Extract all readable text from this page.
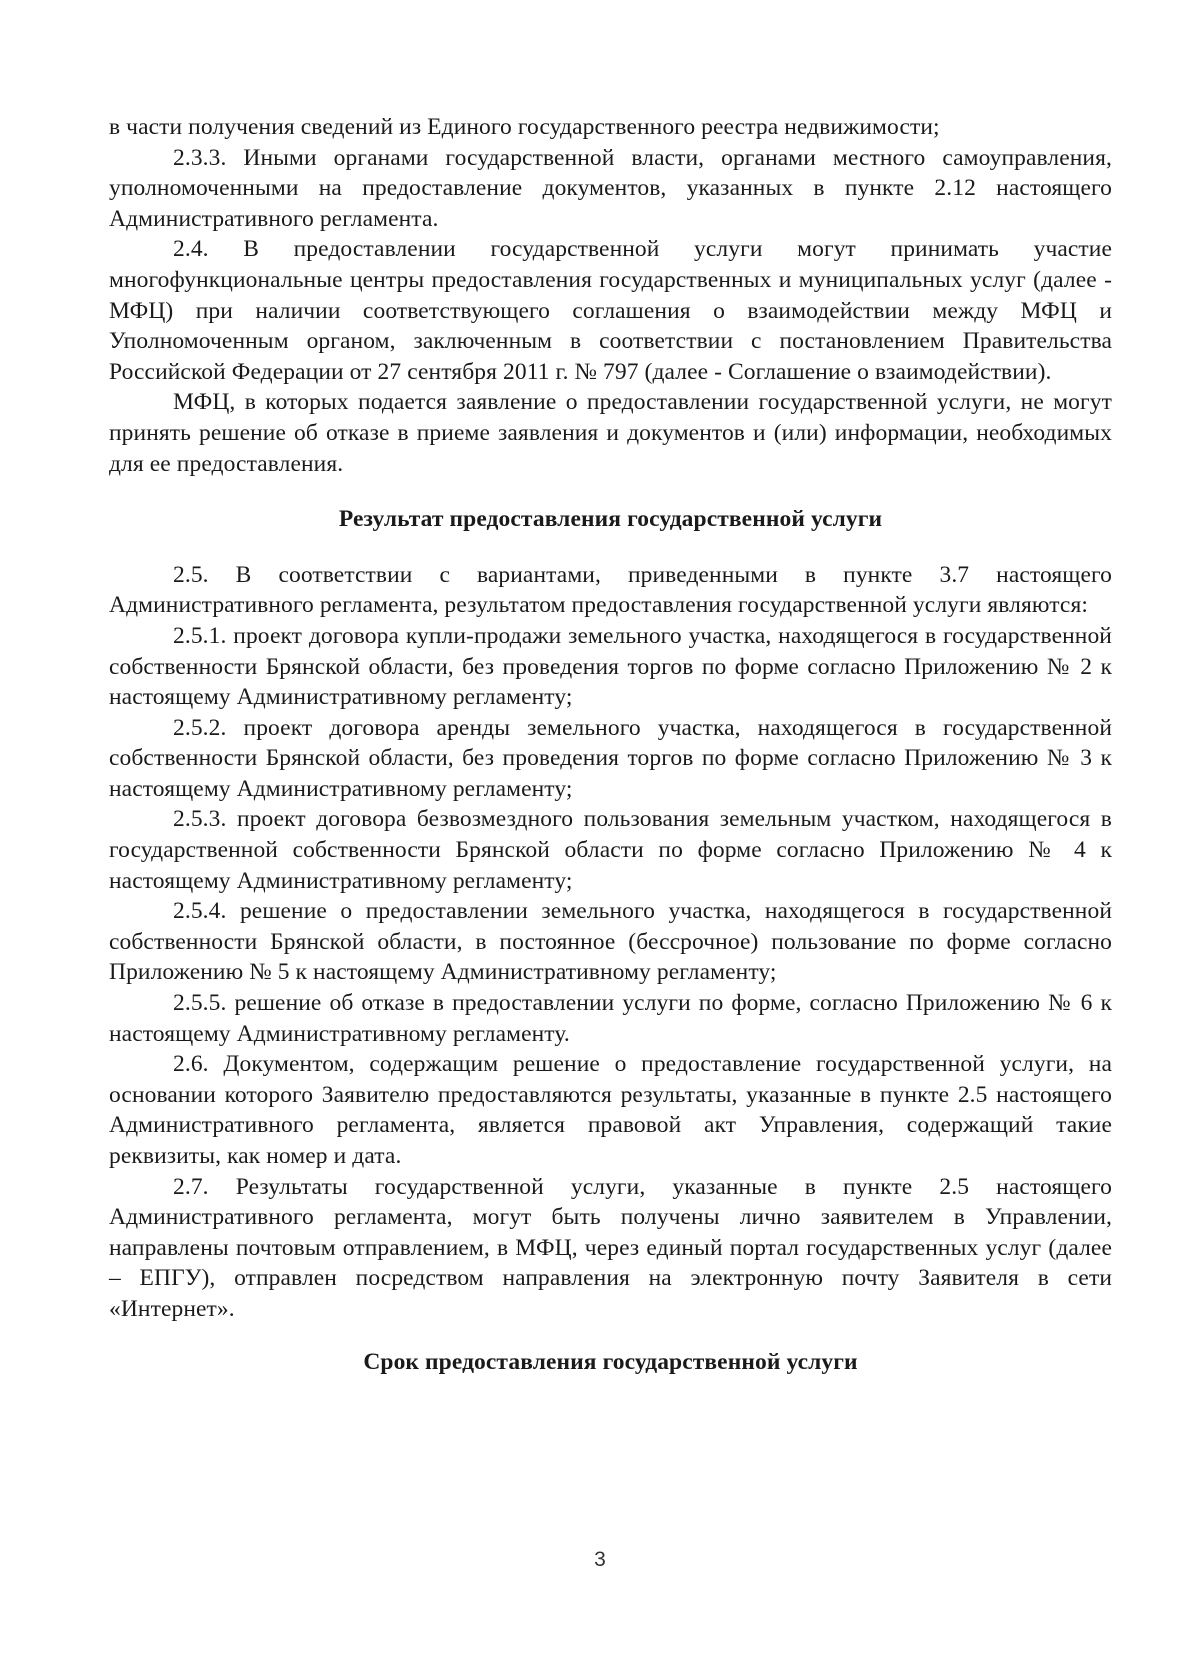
в части получения сведений из Единого государственного реестра недвижимости;

2.3.3. Иными органами государственной власти, органами местного самоуправления, уполномоченными на предоставление документов, указанных в пункте 2.12 настоящего Административного регламента.

2.4. В предоставлении государственной услуги могут принимать участие многофункциональные центры предоставления государственных и муниципальных услуг (далее - МФЦ) при наличии соответствующего соглашения о взаимодействии между МФЦ и Уполномоченным органом, заключенным в соответствии с постановлением Правительства Российской Федерации от 27 сентября 2011 г. № 797 (далее - Соглашение о взаимодействии).

МФЦ, в которых подается заявление о предоставлении государственной услуги, не могут принять решение об отказе в приеме заявления и документов и (или) информации, необходимых для ее предоставления.

Результат предоставления государственной услуги

2.5. В соответствии с вариантами, приведенными в пункте 3.7 настоящего Административного регламента, результатом предоставления государственной услуги являются:

2.5.1. проект договора купли-продажи земельного участка, находящегося в государственной собственности Брянской области, без проведения торгов по форме согласно Приложению № 2 к настоящему Административному регламенту;

2.5.2. проект договора аренды земельного участка, находящегося в государственной собственности Брянской области, без проведения торгов по форме согласно Приложению № 3 к настоящему Административному регламенту;

2.5.3. проект договора безвозмездного пользования земельным участком, находящегося в государственной собственности Брянской области по форме согласно Приложению № 4 к настоящему Административному регламенту;

2.5.4. решение о предоставлении земельного участка, находящегося в государственной собственности Брянской области, в постоянное (бессрочное) пользование по форме согласно Приложению № 5 к настоящему Административному регламенту;

2.5.5. решение об отказе в предоставлении услуги по форме, согласно Приложению № 6 к настоящему Административному регламенту.

2.6. Документом, содержащим решение о предоставление государственной услуги, на основании которого Заявителю предоставляются результаты, указанные в пункте 2.5 настоящего Административного регламента, является правовой акт Управления, содержащий такие реквизиты, как номер и дата.

2.7. Результаты государственной услуги, указанные в пункте 2.5 настоящего Административного регламента, могут быть получены лично заявителем в Управлении, направлены почтовым отправлением, в МФЦ, через единый портал государственных услуг (далее – ЕПГУ), отправлен посредством направления на электронную почту Заявителя в сети «Интернет».

Срок предоставления государственной услуги

3
